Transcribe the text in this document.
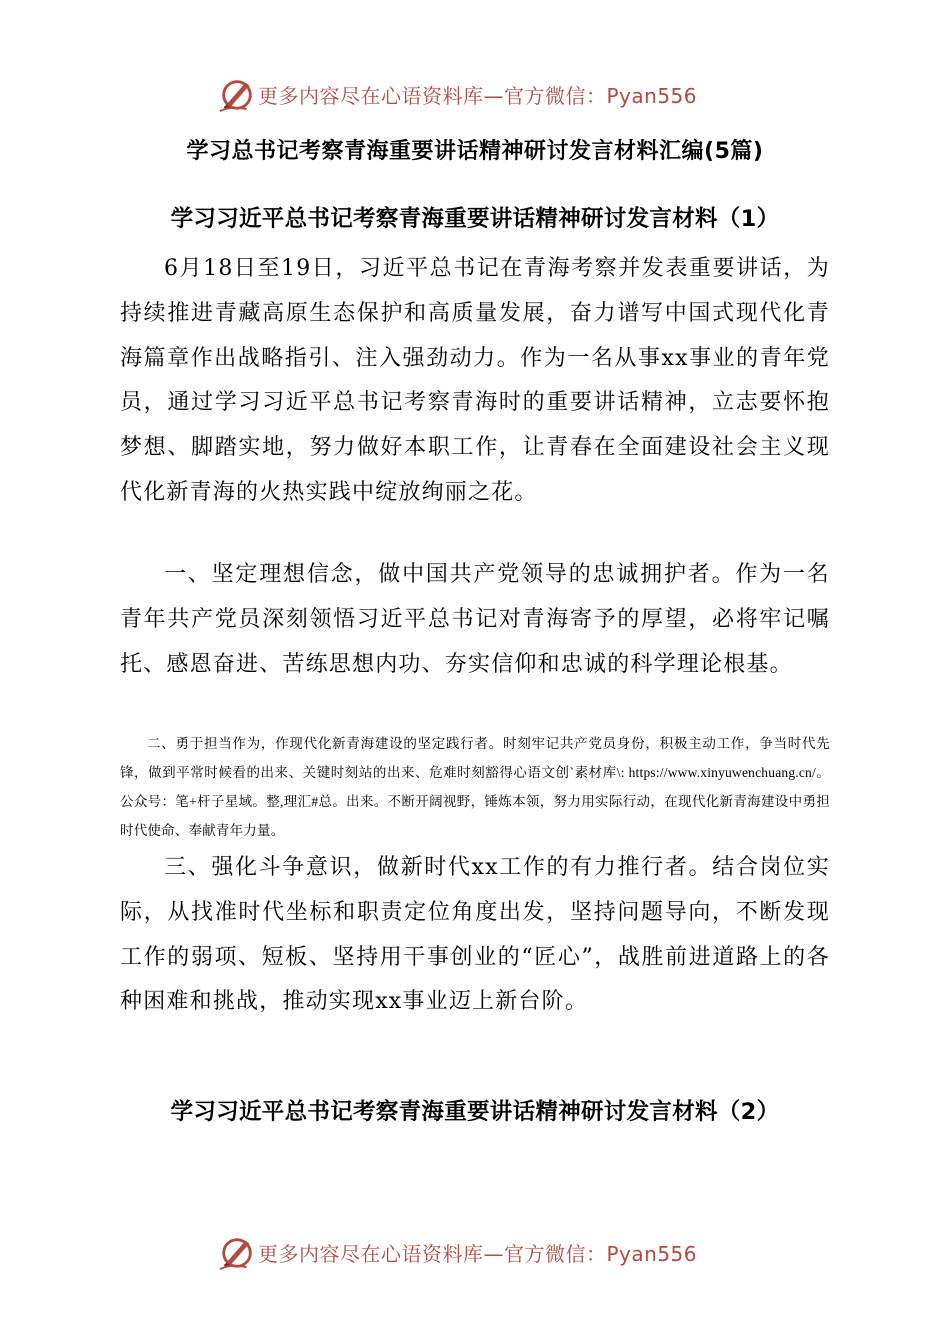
更多内容尽在心语资料库—官方微信：Pyan556
学习总书记考察青海重要讲话精神研讨发言材料汇编(5篇)
学习习近平总书记考察青海重要讲话精神研讨发言材料（1）

6月18日至19日，习近平总书记在青海考察并发表重要讲话，为持续推进青藏高原生态保护和高质量发展，奋力谱写中国式现代化青海篇章作出战略指引、注入强劲动力。作为一名从事xx事业的青年党员，通过学习习近平总书记考察青海时的重要讲话精神，立志要怀抱梦想、脚踏实地，努力做好本职工作，让青春在全面建设社会主义现代化新青海的火热实践中绽放绚丽之花。

一、坚定理想信念，做中国共产党领导的忠诚拥护者。作为一名青年共产党员深刻领悟习近平总书记对青海寄予的厚望，必将牢记嘱托、感恩奋进、苦练思想内功、夯实信仰和忠诚的科学理论根基。

二、勇于担当作为，作现代化新青海建设的坚定践行者。时刻牢记共产党员身份，积极主动工作，争当时代先锋，做到平常时候看的出来、关键时刻站的出来、危难时刻豁得心语文创`素材库\: https://www.xinyuwenchuang.cn/。公众号：笔+杆子星域。整,理汇#总。出来。不断开阔视野，锤炼本领，努力用实际行动，在现代化新青海建设中勇担时代使命、奉献青年力量。

三、强化斗争意识，做新时代xx工作的有力推行者。结合岗位实际，从找准时代坐标和职责定位角度出发，坚持问题导向，不断发现工作的弱项、短板、坚持用干事创业的“匠心”，战胜前进道路上的各种困难和挑战，推动实现xx事业迈上新台阶。

学习习近平总书记考察青海重要讲话精神研讨发言材料（2）
更多内容尽在心语资料库—官方微信：Pyan556
